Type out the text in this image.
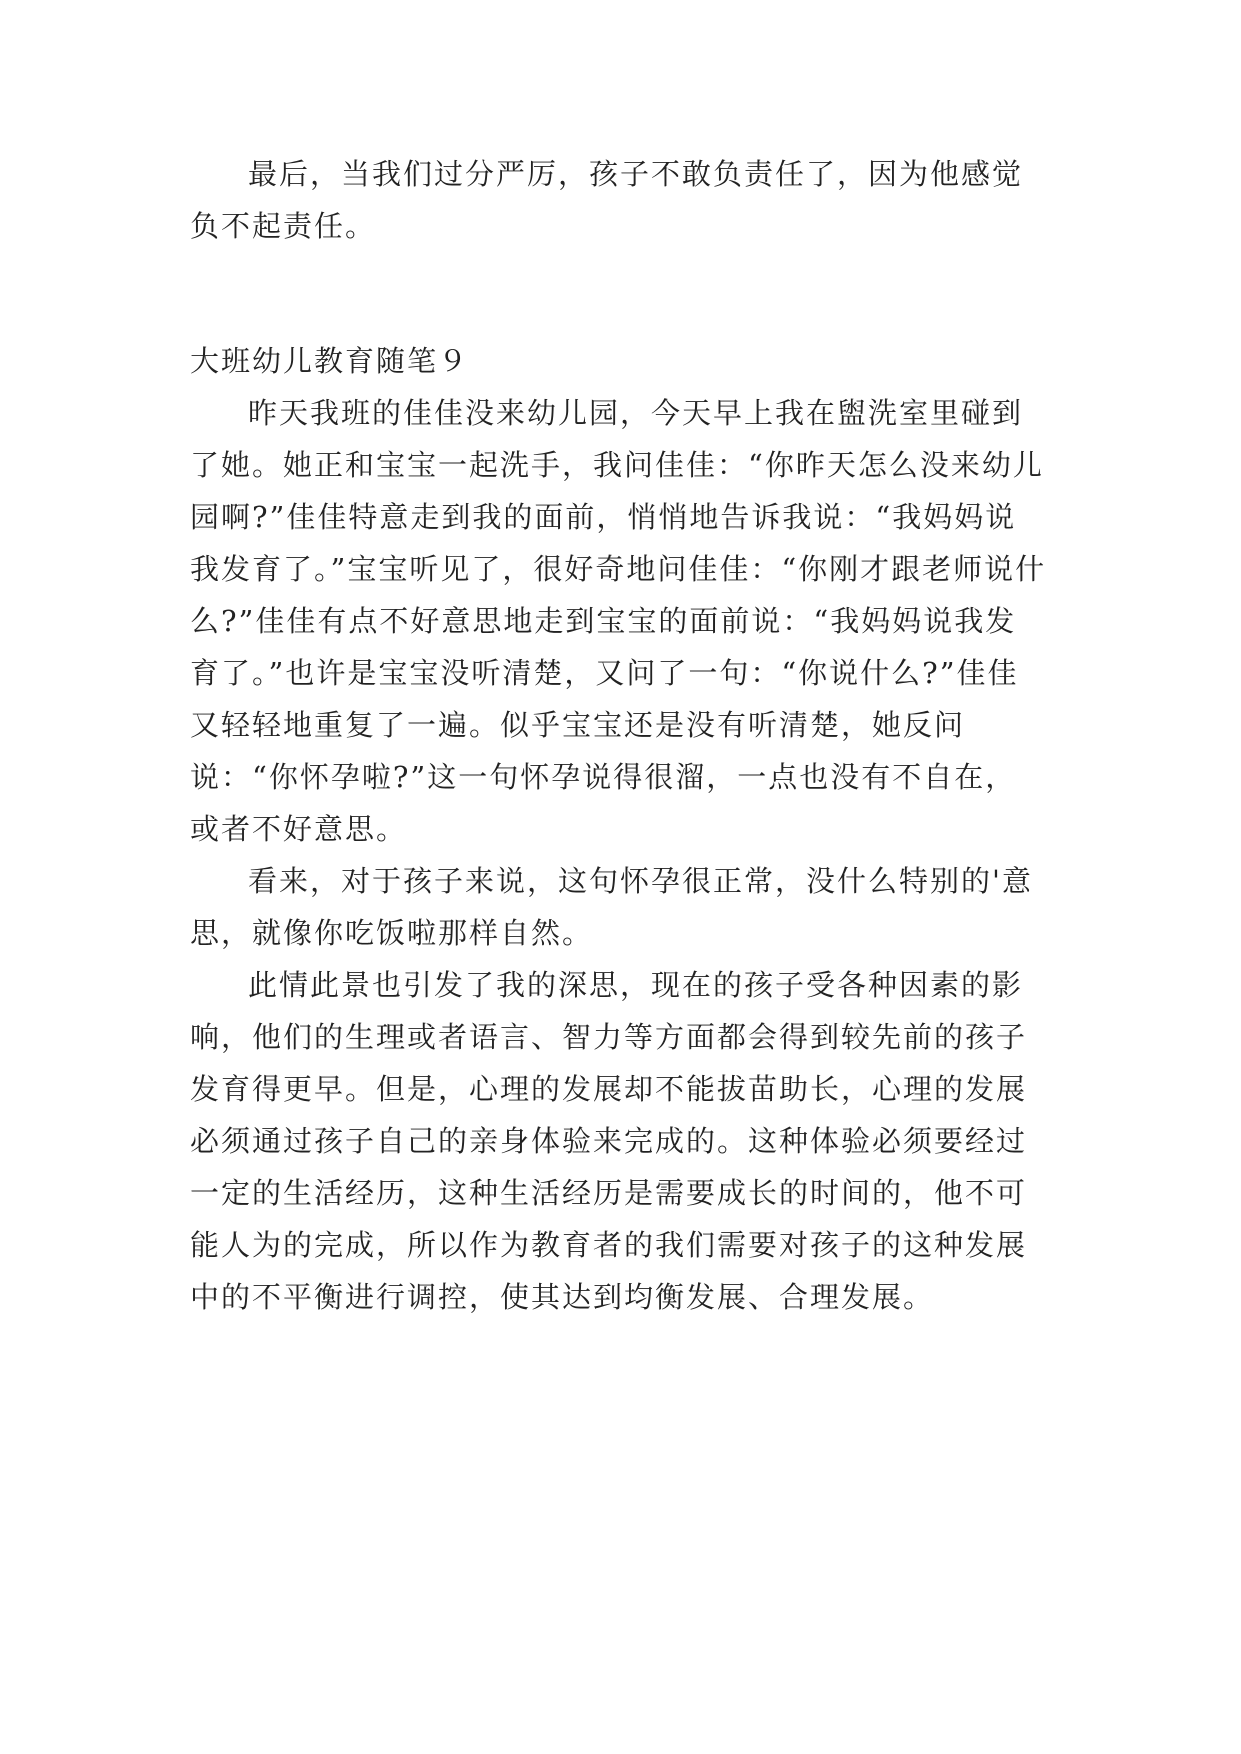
最后，当我们过分严厉，孩子不敢负责任了，因为他感觉负不起责任。

大班幼儿教育随笔９

昨天我班的佳佳没来幼儿园，今天早上我在盥洗室里碰到了她。她正和宝宝一起洗手，我问佳佳：“你昨天怎么没来幼儿园啊?”佳佳特意走到我的面前，悄悄地告诉我说：“我妈妈说我发育了。”宝宝听见了，很好奇地问佳佳：“你刚才跟老师说什么?”佳佳有点不好意思地走到宝宝的面前说：“我妈妈说我发育了。”也许是宝宝没听清楚，又问了一句：“你说什么?”佳佳又轻轻地重复了一遍。似乎宝宝还是没有听清楚，她反问说：“你怀孕啦?”这一句怀孕说得很溜，一点也没有不自在，或者不好意思。

看来，对于孩子来说，这句怀孕很正常，没什么特别的'意思，就像你吃饭啦那样自然。

此情此景也引发了我的深思，现在的孩子受各种因素的影响，他们的生理或者语言、智力等方面都会得到较先前的孩子发育得更早。但是，心理的发展却不能拔苗助长，心理的发展必须通过孩子自己的亲身体验来完成的。这种体验必须要经过一定的生活经历，这种生活经历是需要成长的时间的，他不可能人为的完成，所以作为教育者的我们需要对孩子的这种发展中的不平衡进行调控，使其达到均衡发展、合理发展。
